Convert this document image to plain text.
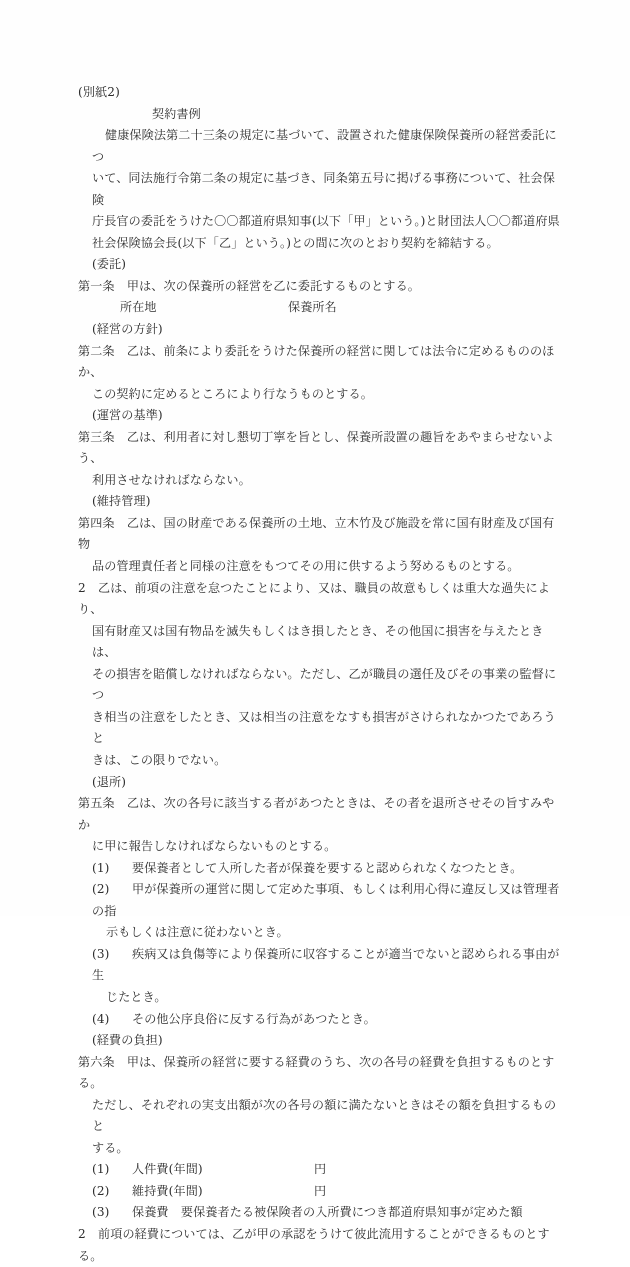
(別紙2)
契約書例
健康保険法第二十三条の規定に基づいて、設置された健康保険保養所の経営委託につ
いて、同法施行令第二条の規定に基づき、同条第五号に掲げる事務について、社会保険
庁長官の委託をうけた〇〇都道府県知事(以下「甲」という。)と財団法人〇〇都道府県
社会保険協会長(以下「乙」という。)との間に次のとおり契約を締結する。
(委託)
第一条　甲は、次の保養所の経営を乙に委託するものとする。
所在地	保養所名
(経営の方針)
第二条　乙は、前条により委託をうけた保養所の経営に関しては法令に定めるもののほか、
この契約に定めるところにより行なうものとする。
(運営の基準)
第三条　乙は、利用者に対し懇切丁寧を旨とし、保養所設置の趣旨をあやまらせないよう、
利用させなければならない。
(維持管理)
第四条　乙は、国の財産である保養所の土地、立木竹及び施設を常に国有財産及び国有物
品の管理責任者と同様の注意をもつてその用に供するよう努めるものとする。
2　乙は、前項の注意を怠つたことにより、又は、職員の故意もしくは重大な過失により、
国有財産又は国有物品を滅失もしくはき損したとき、その他国に損害を与えたときは、
その損害を賠償しなければならない。ただし、乙が職員の選任及びその事業の監督につ
き相当の注意をしたとき、又は相当の注意をなすも損害がさけられなかつたであろうと
きは、この限りでない。
(退所)
第五条　乙は、次の各号に該当する者があつたときは、その者を退所させその旨すみやか
に甲に報告しなければならないものとする。
(1) 要保養者として入所した者が保養を要すると認められなくなつたとき。
(2) 甲が保養所の運営に関して定めた事項、もしくは利用心得に違反し又は管理者の指
示もしくは注意に従わないとき。
(3) 疾病又は負傷等により保養所に収容することが適当でないと認められる事由が生
じたとき。
(4) その他公序良俗に反する行為があつたとき。
(経費の負担)
第六条　甲は、保養所の経営に要する経費のうち、次の各号の経費を負担するものとする。
ただし、それぞれの実支出額が次の各号の額に満たないときはその額を負担するものと
する。
(1) 人件費(年間)	円
(2) 維持費(年間)	円
(3) 保養費　要保養者たる被保険者の入所費につき都道府県知事が定めた額
2　前項の経費については、乙が甲の承認をうけて彼此流用することができるものとする。
